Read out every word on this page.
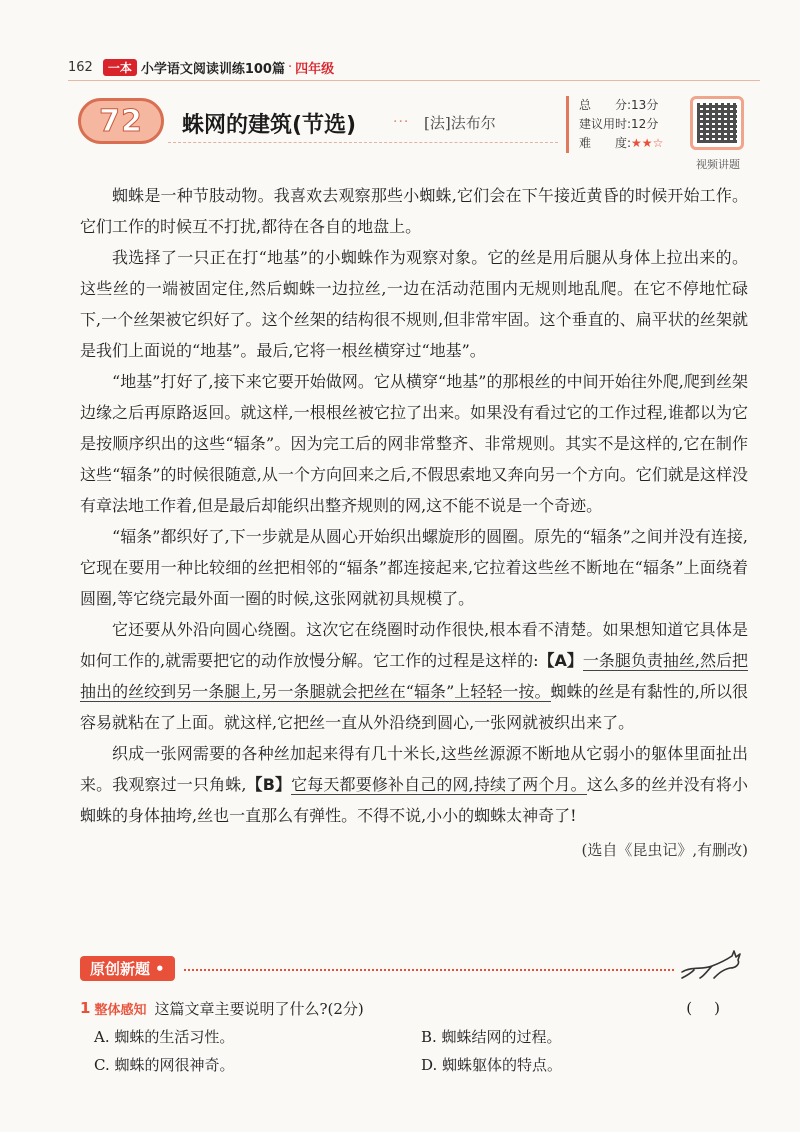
162	一本 小学语文阅读训练100篇 · 四年级
72 蛛网的建筑(节选)	··· [法]法布尔
总　　分:13分
建议用时:12分
难　　度:★★☆
视频讲题

蜘蛛是一种节肢动物。我喜欢去观察那些小蜘蛛,它们会在下午接近黄昏的时候开始工作。它们工作的时候互不打扰,都待在各自的地盘上。

我选择了一只正在打“地基”的小蜘蛛作为观察对象。它的丝是用后腿从身体上拉出来的。这些丝的一端被固定住,然后蜘蛛一边拉丝,一边在活动范围内无规则地乱爬。在它不停地忙碌下,一个丝架被它织好了。这个丝架的结构很不规则,但非常牢固。这个垂直的、扁平状的丝架就是我们上面说的“地基”。最后,它将一根丝横穿过“地基”。

“地基”打好了,接下来它要开始做网。它从横穿“地基”的那根丝的中间开始往外爬,爬到丝架边缘之后再原路返回。就这样,一根根丝被它拉了出来。如果没有看过它的工作过程,谁都以为它是按顺序织出的这些“辐条”。因为完工后的网非常整齐、非常规则。其实不是这样的,它在制作这些“辐条”的时候很随意,从一个方向回来之后,不假思索地又奔向另一个方向。它们就是这样没有章法地工作着,但是最后却能织出整齐规则的网,这不能不说是一个奇迹。

“辐条”都织好了,下一步就是从圆心开始织出螺旋形的圆圈。原先的“辐条”之间并没有连接,它现在要用一种比较细的丝把相邻的“辐条”都连接起来,它拉着这些丝不断地在“辐条”上面绕着圆圈,等它绕完最外面一圈的时候,这张网就初具规模了。

它还要从外沿向圆心绕圈。这次它在绕圈时动作很快,根本看不清楚。如果想知道它具体是如何工作的,就需要把它的动作放慢分解。它工作的过程是这样的:【A】一条腿负责抽丝,然后把抽出的丝绞到另一条腿上,另一条腿就会把丝在“辐条”上轻轻一按。蜘蛛的丝是有黏性的,所以很容易就粘在了上面。就这样,它把丝一直从外沿绕到圆心,一张网就被织出来了。

织成一张网需要的各种丝加起来得有几十米长,这些丝源源不断地从它弱小的躯体里面扯出来。我观察过一只角蛛,【B】它每天都要修补自己的网,持续了两个月。这么多的丝并没有将小蜘蛛的身体抽垮,丝也一直那么有弹性。不得不说,小小的蜘蛛太神奇了!

(选自《昆虫记》,有删改)
原创新题 •
1 整体感知 这篇文章主要说明了什么?(2分)	()
A. 蜘蛛的生活习性。	B. 蜘蛛结网的过程。
C. 蜘蛛的网很神奇。	D. 蜘蛛躯体的特点。
